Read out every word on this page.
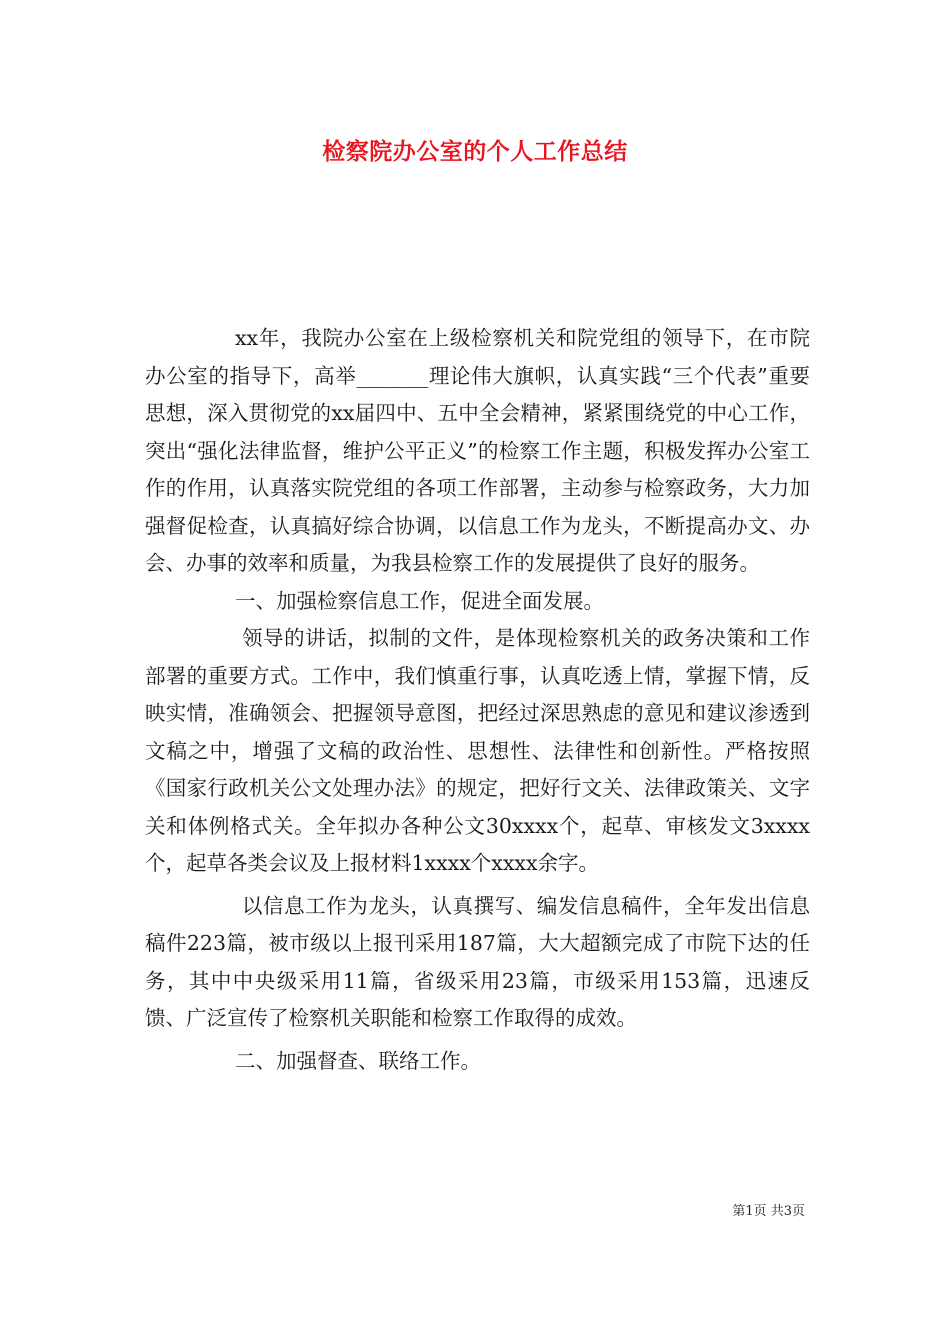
检察院办公室的个人工作总结

xx年，我院办公室在上级检察机关和院党组的领导下，在市院办公室的指导下，高举_______理论伟大旗帜，认真实践“三个代表”重要思想，深入贯彻党的xx届四中、五中全会精神，紧紧围绕党的中心工作，突出“强化法律监督，维护公平正义”的检察工作主题，积极发挥办公室工作的作用，认真落实院党组的各项工作部署，主动参与检察政务，大力加强督促检查，认真搞好综合协调，以信息工作为龙头，不断提高办文、办会、办事的效率和质量，为我县检察工作的发展提供了良好的服务。

一、加强检察信息工作，促进全面发展。

领导的讲话，拟制的文件，是体现检察机关的政务决策和工作部署的重要方式。工作中，我们慎重行事，认真吃透上情，掌握下情，反映实情，准确领会、把握领导意图，把经过深思熟虑的意见和建议渗透到文稿之中，增强了文稿的政治性、思想性、法律性和创新性。严格按照《国家行政机关公文处理办法》的规定，把好行文关、法律政策关、文字关和体例格式关。全年拟办各种公文30xxxx个，起草、审核发文3xxxx个，起草各类会议及上报材料1xxxx个xxxx余字。

以信息工作为龙头，认真撰写、编发信息稿件，全年发出信息稿件223篇，被市级以上报刊采用187篇，大大超额完成了市院下达的任务，其中中央级采用11篇，省级采用23篇，市级采用153篇，迅速反馈、广泛宣传了检察机关职能和检察工作取得的成效。

二、加强督查、联络工作。

第1页 共3页
